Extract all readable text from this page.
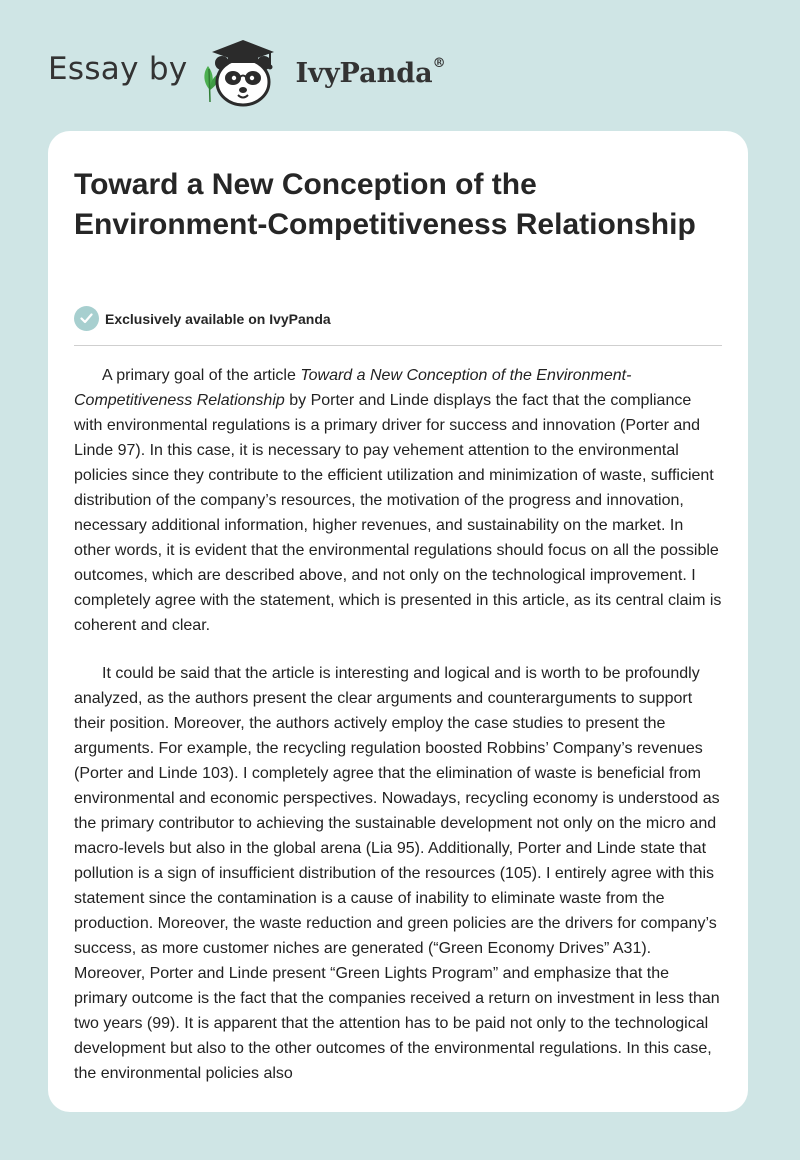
Essay by	IvyPanda®
Toward a New Conception of the Environment-Competitiveness Relationship
Exclusively available on IvyPanda

A primary goal of the article Toward a New Conception of the Environment-Competitiveness Relationship by Porter and Linde displays the fact that the compliance with environmental regulations is a primary driver for success and innovation (Porter and Linde 97). In this case, it is necessary to pay vehement attention to the environmental policies since they contribute to the efficient utilization and minimization of waste, sufficient distribution of the company’s resources, the motivation of the progress and innovation, necessary additional information, higher revenues, and sustainability on the market. In other words, it is evident that the environmental regulations should focus on all the possible outcomes, which are described above, and not only on the technological improvement. I completely agree with the statement, which is presented in this article, as its central claim is coherent and clear.

It could be said that the article is interesting and logical and is worth to be profoundly analyzed, as the authors present the clear arguments and counterarguments to support their position. Moreover, the authors actively employ the case studies to present the arguments. For example, the recycling regulation boosted Robbins’ Company’s revenues (Porter and Linde 103). I completely agree that the elimination of waste is beneficial from environmental and economic perspectives. Nowadays, recycling economy is understood as the primary contributor to achieving the sustainable development not only on the micro and macro-levels but also in the global arena (Lia 95). Additionally, Porter and Linde state that pollution is a sign of insufficient distribution of the resources (105). I entirely agree with this statement since the contamination is a cause of inability to eliminate waste from the production. Moreover, the waste reduction and green policies are the drivers for company’s success, as more customer niches are generated (“Green Economy Drives” A31). Moreover, Porter and Linde present “Green Lights Program” and emphasize that the primary outcome is the fact that the companies received a return on investment in less than two years (99). It is apparent that the attention has to be paid not only to the technological development but also to the other outcomes of the environmental regulations. In this case, the environmental policies also
